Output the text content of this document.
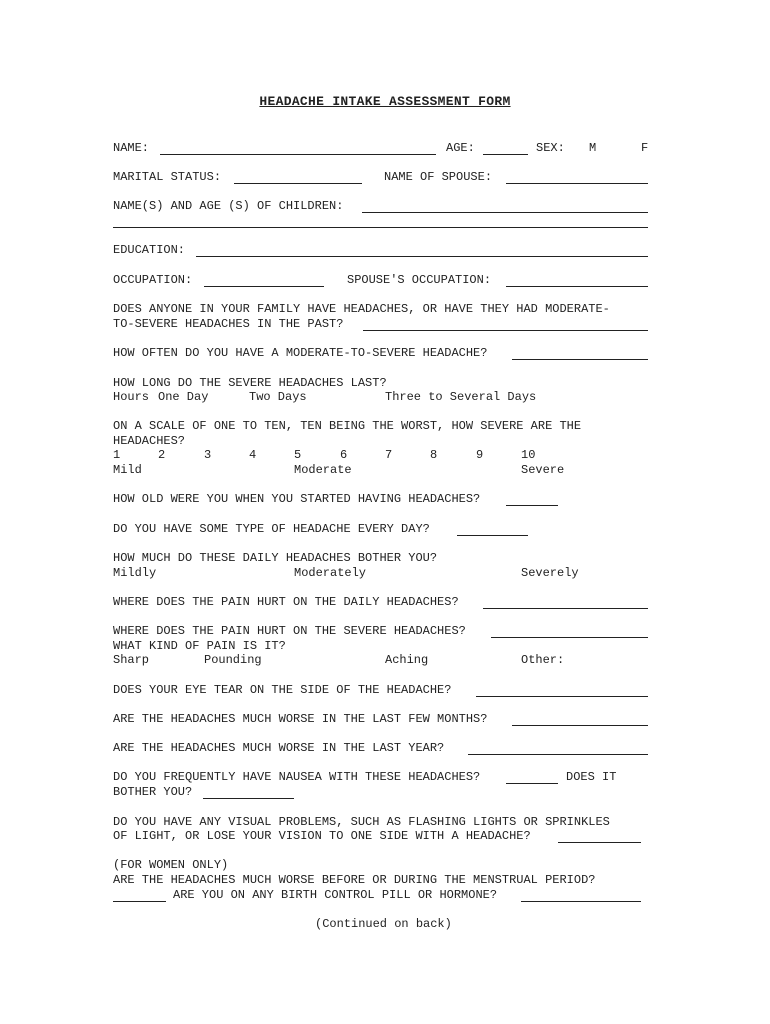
HEADACHE INTAKE ASSESSMENT FORM
NAME:	AGE:	SEX: M	F
MARITAL STATUS:	NAME OF SPOUSE:
NAME(S) AND AGE (S) OF CHILDREN:
EDUCATION:
OCCUPATION:	SPOUSE'S OCCUPATION:
DOES ANYONE IN YOUR FAMILY HAVE HEADACHES, OR HAVE THEY HAD MODERATE-
TO-SEVERE HEADACHES IN THE PAST?
HOW OFTEN DO YOU HAVE A MODERATE-TO-SEVERE HEADACHE?
HOW LONG DO THE SEVERE HEADACHES LAST?
Hours One Day	Two Days	Three to Several Days
ON A SCALE OF ONE TO TEN, TEN BEING THE WORST, HOW SEVERE ARE THE
HEADACHES?
1	2	3	4	5	6	7	8	9	10
Mild	Moderate	Severe
HOW OLD WERE YOU WHEN YOU STARTED HAVING HEADACHES?
DO YOU HAVE SOME TYPE OF HEADACHE EVERY DAY?
HOW MUCH DO THESE DAILY HEADACHES BOTHER YOU?
Mildly	Moderately	Severely
WHERE DOES THE PAIN HURT ON THE DAILY HEADACHES?
WHERE DOES THE PAIN HURT ON THE SEVERE HEADACHES?
WHAT KIND OF PAIN IS IT?
Sharp	Pounding	Aching	Other:
DOES YOUR EYE TEAR ON THE SIDE OF THE HEADACHE?
ARE THE HEADACHES MUCH WORSE IN THE LAST FEW MONTHS?
ARE THE HEADACHES MUCH WORSE IN THE LAST YEAR?
DO YOU FREQUENTLY HAVE NAUSEA WITH THESE HEADACHES?	DOES IT
BOTHER YOU?
DO YOU HAVE ANY VISUAL PROBLEMS, SUCH AS FLASHING LIGHTS OR SPRINKLES
OF LIGHT, OR LOSE YOUR VISION TO ONE SIDE WITH A HEADACHE?
(FOR WOMEN ONLY)
ARE THE HEADACHES MUCH WORSE BEFORE OR DURING THE MENSTRUAL PERIOD?
ARE YOU ON ANY BIRTH CONTROL PILL OR HORMONE?
(Continued on back)
